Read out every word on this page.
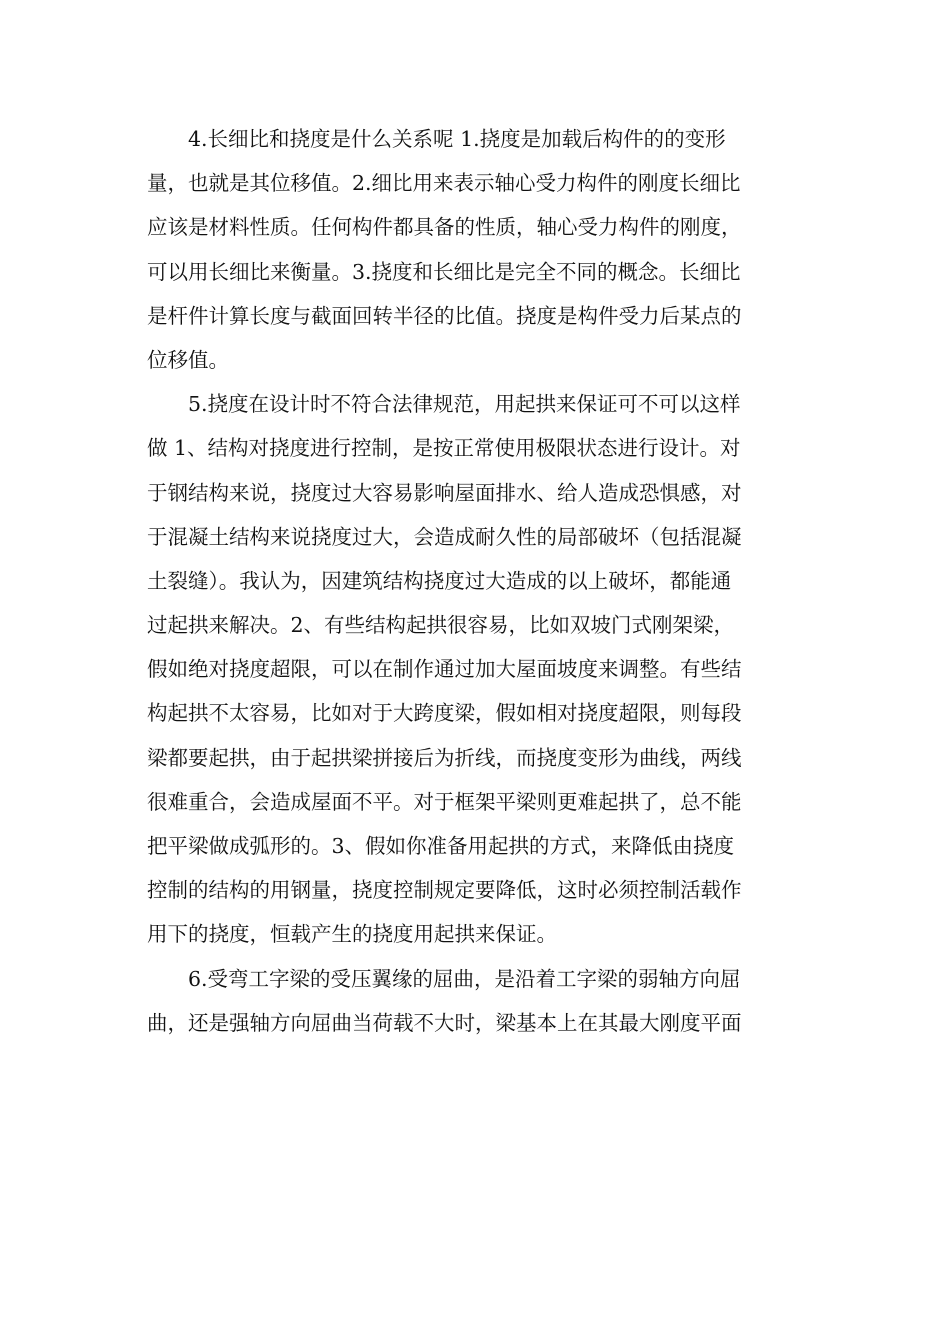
4.长细比和挠度是什么关系呢 1.挠度是加载后构件的的变形
量，也就是其位移值。2.细比用来表示轴心受力构件的刚度长细比
应该是材料性质。任何构件都具备的性质，轴心受力构件的刚度，
可以用长细比来衡量。3.挠度和长细比是完全不同的概念。长细比
是杆件计算长度与截面回转半径的比值。挠度是构件受力后某点的
位移值。
5.挠度在设计时不符合法律规范，用起拱来保证可不可以这样
做 1、结构对挠度进行控制，是按正常使用极限状态进行设计。对
于钢结构来说，挠度过大容易影响屋面排水、给人造成恐惧感，对
于混凝土结构来说挠度过大，会造成耐久性的局部破坏（包括混凝
土裂缝）。我认为，因建筑结构挠度过大造成的以上破坏，都能通
过起拱来解决。2、有些结构起拱很容易，比如双坡门式刚架梁，
假如绝对挠度超限，可以在制作通过加大屋面坡度来调整。有些结
构起拱不太容易，比如对于大跨度梁，假如相对挠度超限，则每段
梁都要起拱，由于起拱梁拼接后为折线，而挠度变形为曲线，两线
很难重合，会造成屋面不平。对于框架平梁则更难起拱了，总不能
把平梁做成弧形的。3、假如你准备用起拱的方式，来降低由挠度
控制的结构的用钢量，挠度控制规定要降低，这时必须控制活载作
用下的挠度，恒载产生的挠度用起拱来保证。
6.受弯工字梁的受压翼缘的屈曲，是沿着工字梁的弱轴方向屈
曲，还是强轴方向屈曲当荷载不大时，梁基本上在其最大刚度平面
